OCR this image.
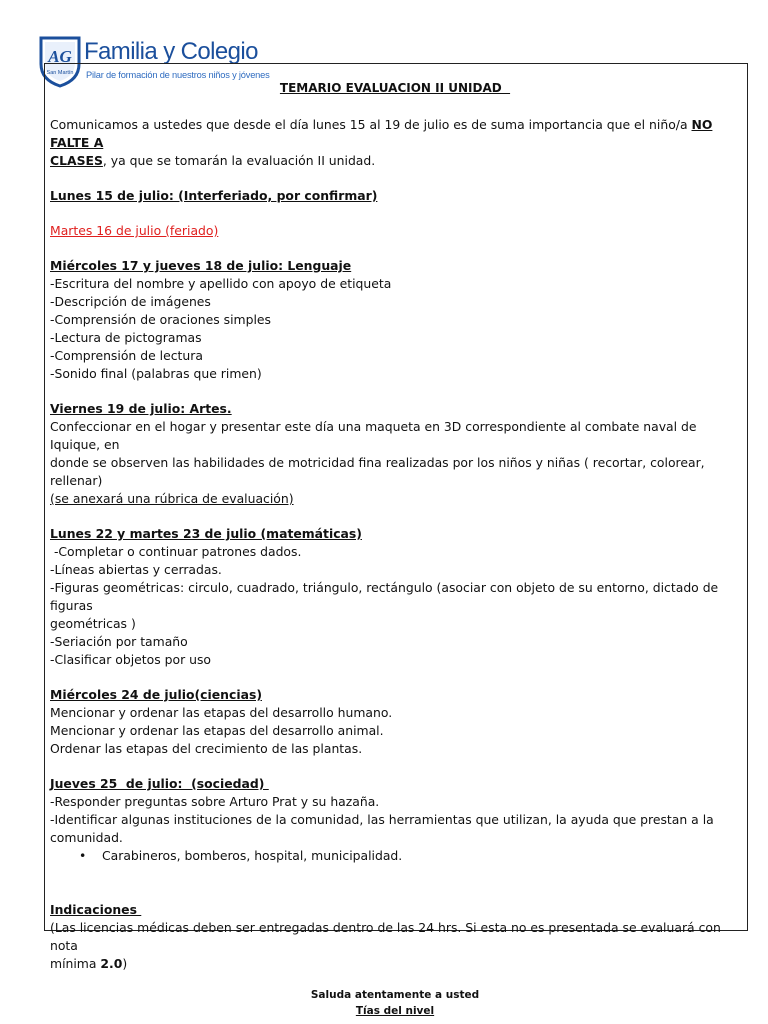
AG
San Martín
Familia y Colegio
Pilar de formación de nuestros niños y jóvenes
TEMARIO EVALUACION II UNIDAD

Comunicamos a ustedes que desde el día lunes 15 al 19 de julio es de suma importancia que el niño/a NO FALTE A
CLASES, ya que se tomarán la evaluación II unidad.

Lunes 15 de julio: (Interferiado, por confirmar)

Martes 16 de julio (feriado)

Miércoles 17 y jueves 18 de julio: Lenguaje

-Escritura del nombre y apellido con apoyo de etiqueta

-Descripción de imágenes

-Comprensión de oraciones simples

-Lectura de pictogramas

-Comprensión de lectura

-Sonido final (palabras que rimen)

Viernes 19 de julio: Artes.

Confeccionar en el hogar y presentar este día una maqueta en 3D correspondiente al combate naval de Iquique, en

donde se observen las habilidades de motricidad fina realizadas por los niños y niñas ( recortar, colorear, rellenar)

(se anexará una rúbrica de evaluación)

Lunes 22 y martes 23 de julio (matemáticas)

-Completar o continuar patrones dados.

-Líneas abiertas y cerradas.

-Figuras geométricas: circulo, cuadrado, triángulo, rectángulo (asociar con objeto de su entorno, dictado de figuras

geométricas )

-Seriación por tamaño

-Clasificar objetos por uso

Miércoles 24 de julio(ciencias)

Mencionar y ordenar las etapas del desarrollo humano.

Mencionar y ordenar las etapas del desarrollo animal.

Ordenar las etapas del crecimiento de las plantas.

Jueves 25  de julio:  (sociedad)

-Responder preguntas sobre Arturo Prat y su hazaña.

-Identificar algunas instituciones de la comunidad, las herramientas que utilizan, la ayuda que prestan a la

comunidad.

• Carabineros, bomberos, hospital, municipalidad.

Indicaciones

(Las licencias médicas deben ser entregadas dentro de las 24 hrs. Si esta no es presentada se evaluará con nota

mínima 2.0)

Saluda atentamente a usted

Tías del nivel
